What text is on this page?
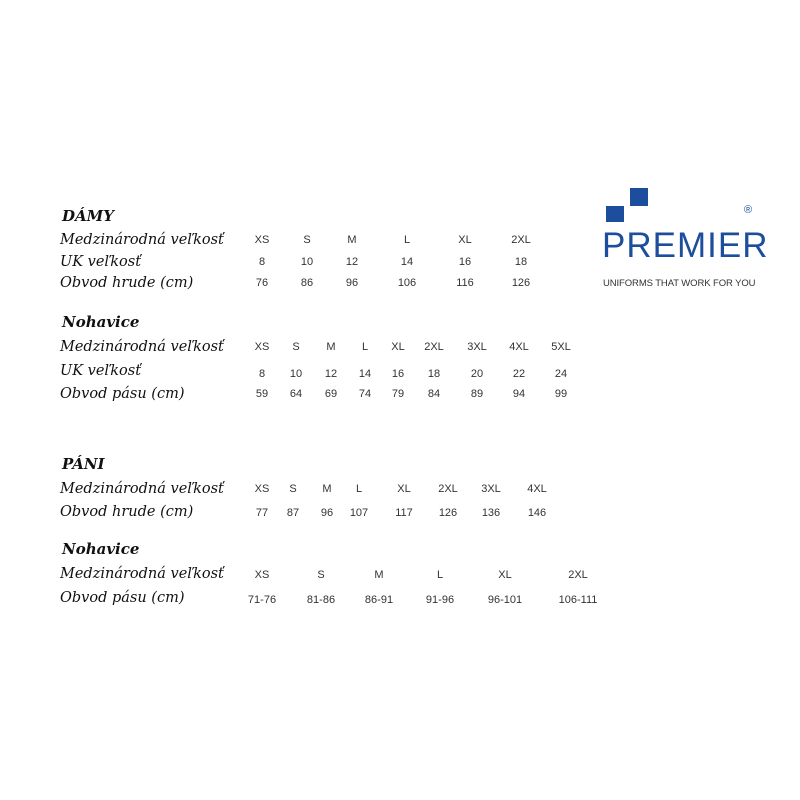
PREMIER
®
UNIFORMS THAT WORK FOR YOU
DÁMY
Medzinárodná veľkosť	XS	S	M	L	XL	2XL
UK veľkosť	8	10	12	14	16	18
Obvod hrude (cm)	76	86	96	106	116	126
Nohavice
Medzinárodná veľkosť	XS	S	M	L	XL	2XL	3XL	4XL	5XL
UK veľkosť	8	10	12	14	16	18	20	22	24
Obvod pásu (cm)	59	64	69	74	79	84	89	94	99
PÁNI
Medzinárodná veľkosť	XS	S	M	L	XL	2XL	3XL	4XL
Obvod hrude (cm)	77	87	96	107	117	126	136	146
Nohavice
Medzinárodná veľkosť	XS	S	M	L	XL	2XL
Obvod pásu (cm)	71-76	81-86	86-91	91-96	96-101	106-111
